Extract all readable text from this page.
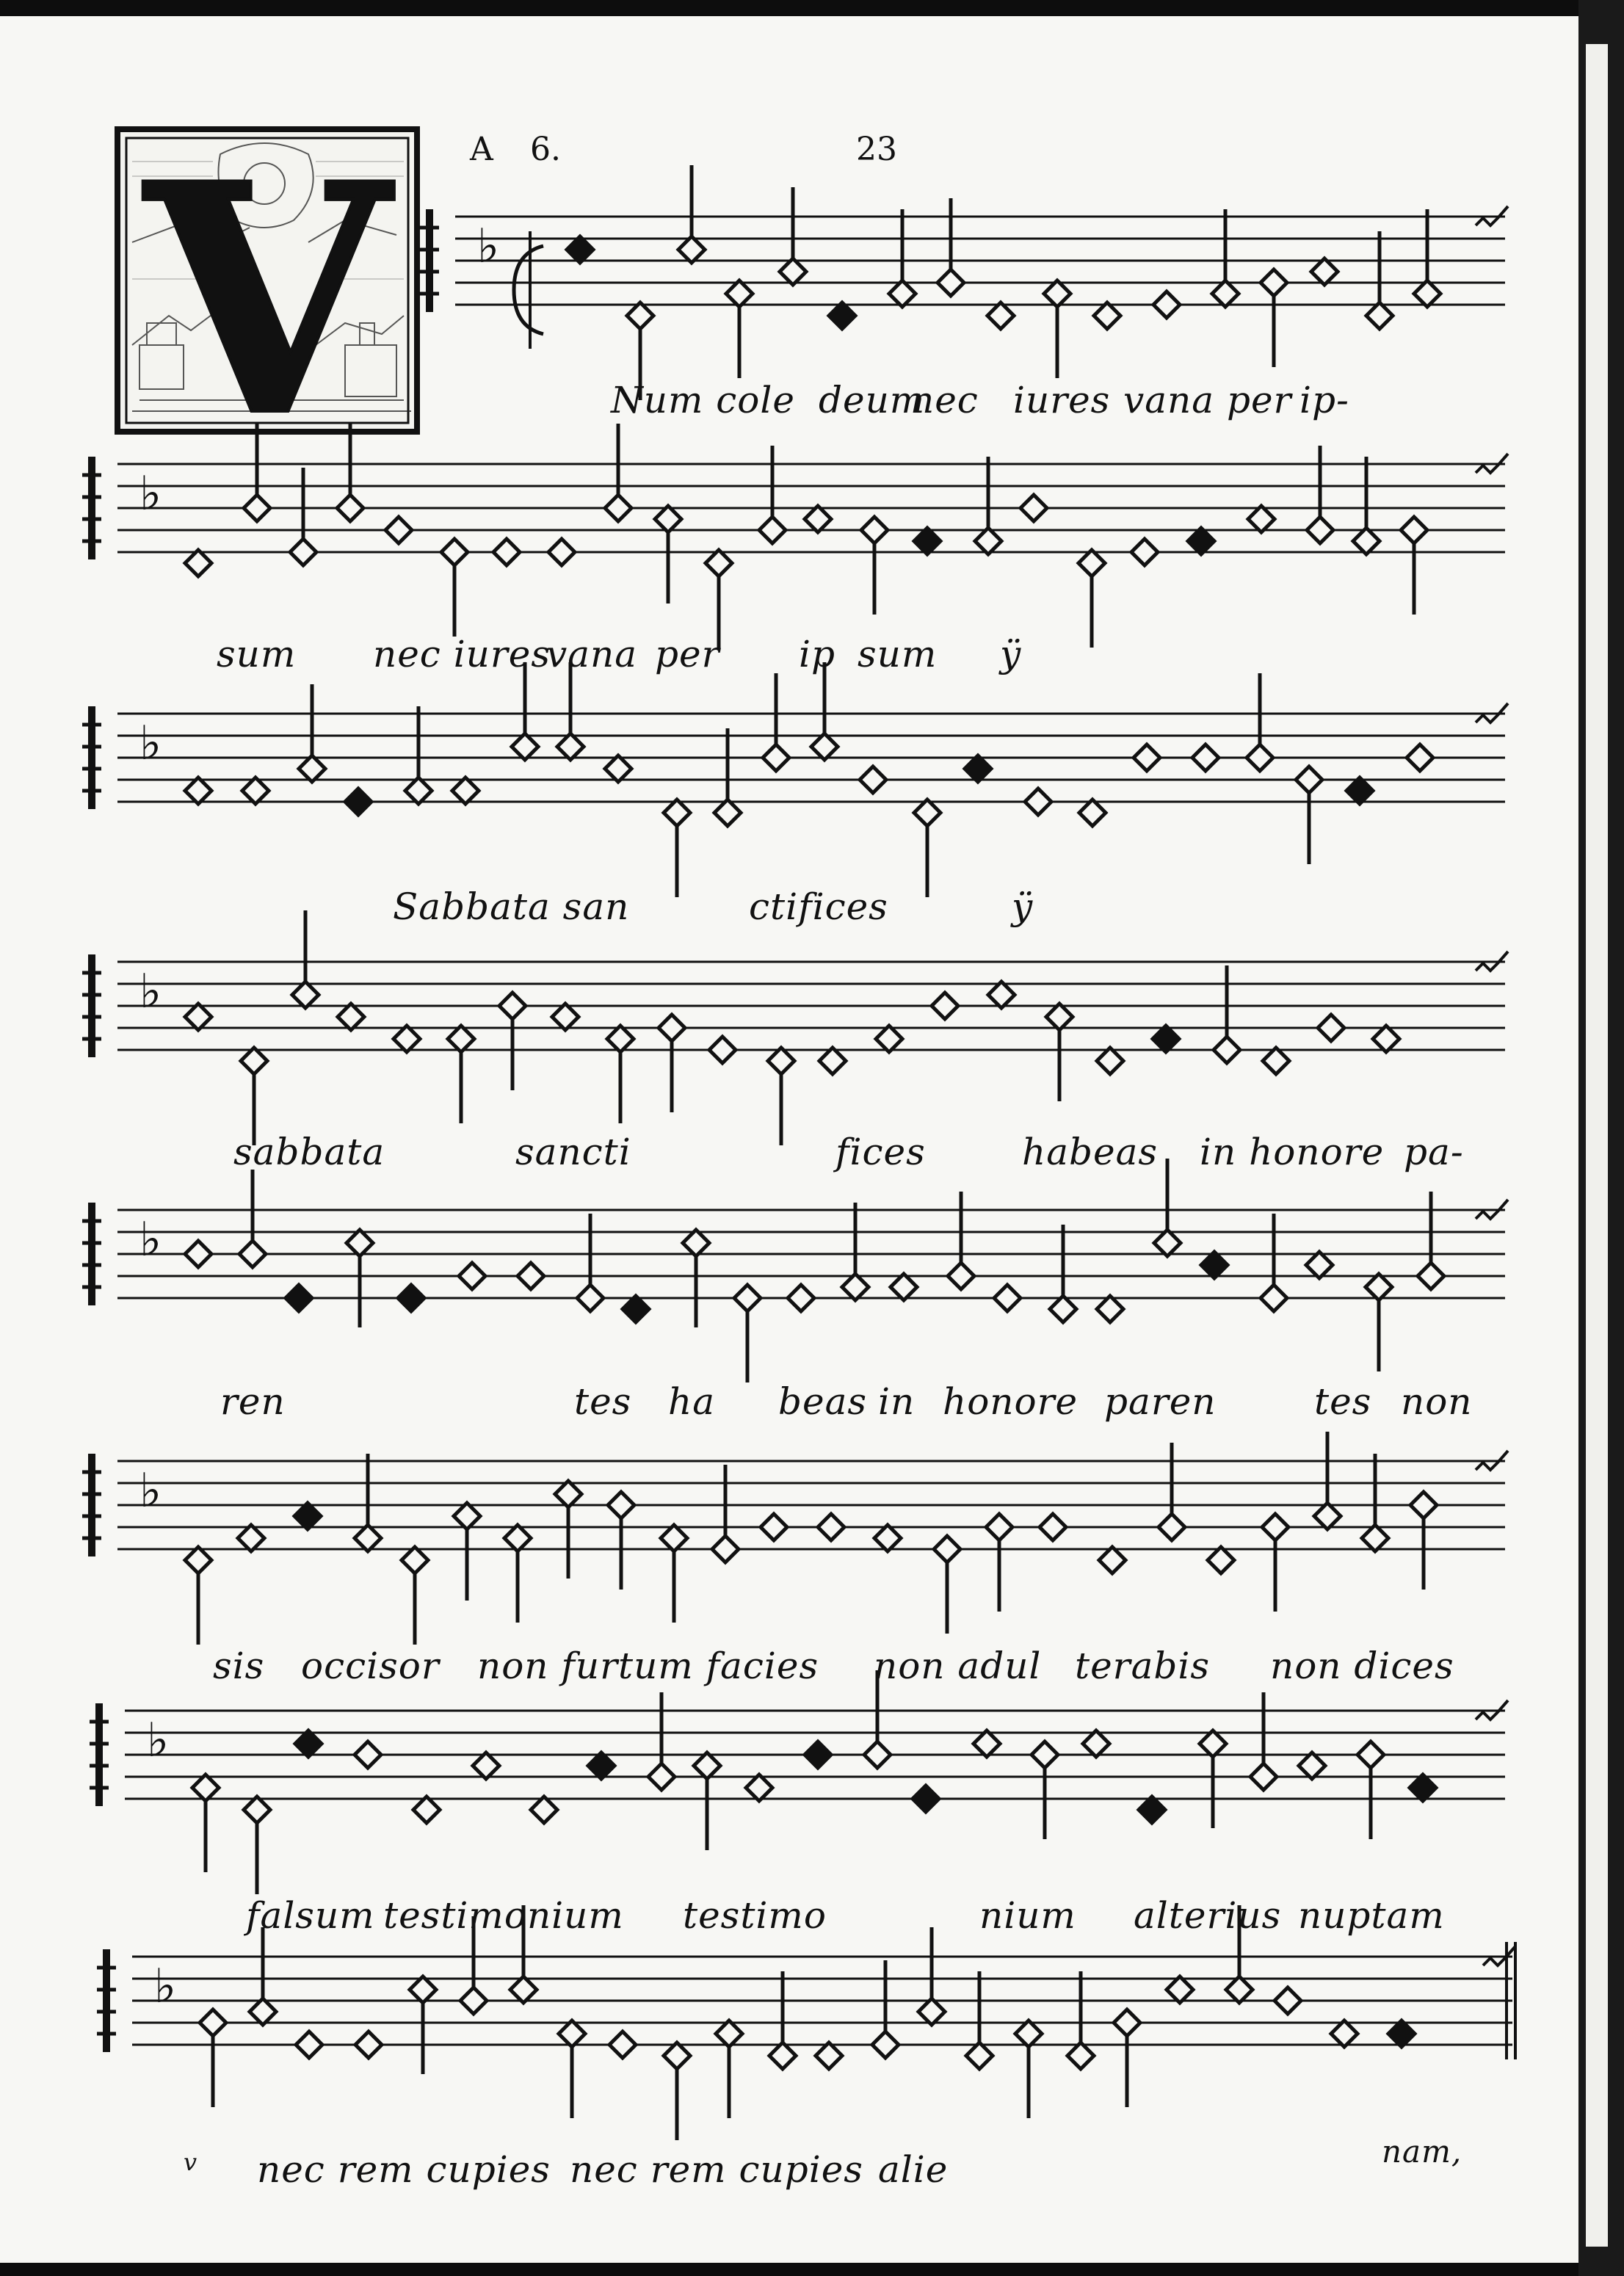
V ♭
♭
♭
♭
♭
♭
♭
♭
A 6.	23
Num cole deum
nec iures vana per ip-
sum nec iures
vana per ip sum ÿ
Sabbata san	ctifices	ÿ
sabbata	sancti	fices	habeas in honore pa-
ren	tes ha beas in honore paren	tes non
sis occisor non furtum facies non adul terabis non dices
falsum testimonium testimo	nium alterius nuptam
v nec rem cupies nec rem cupies alie	nam,
